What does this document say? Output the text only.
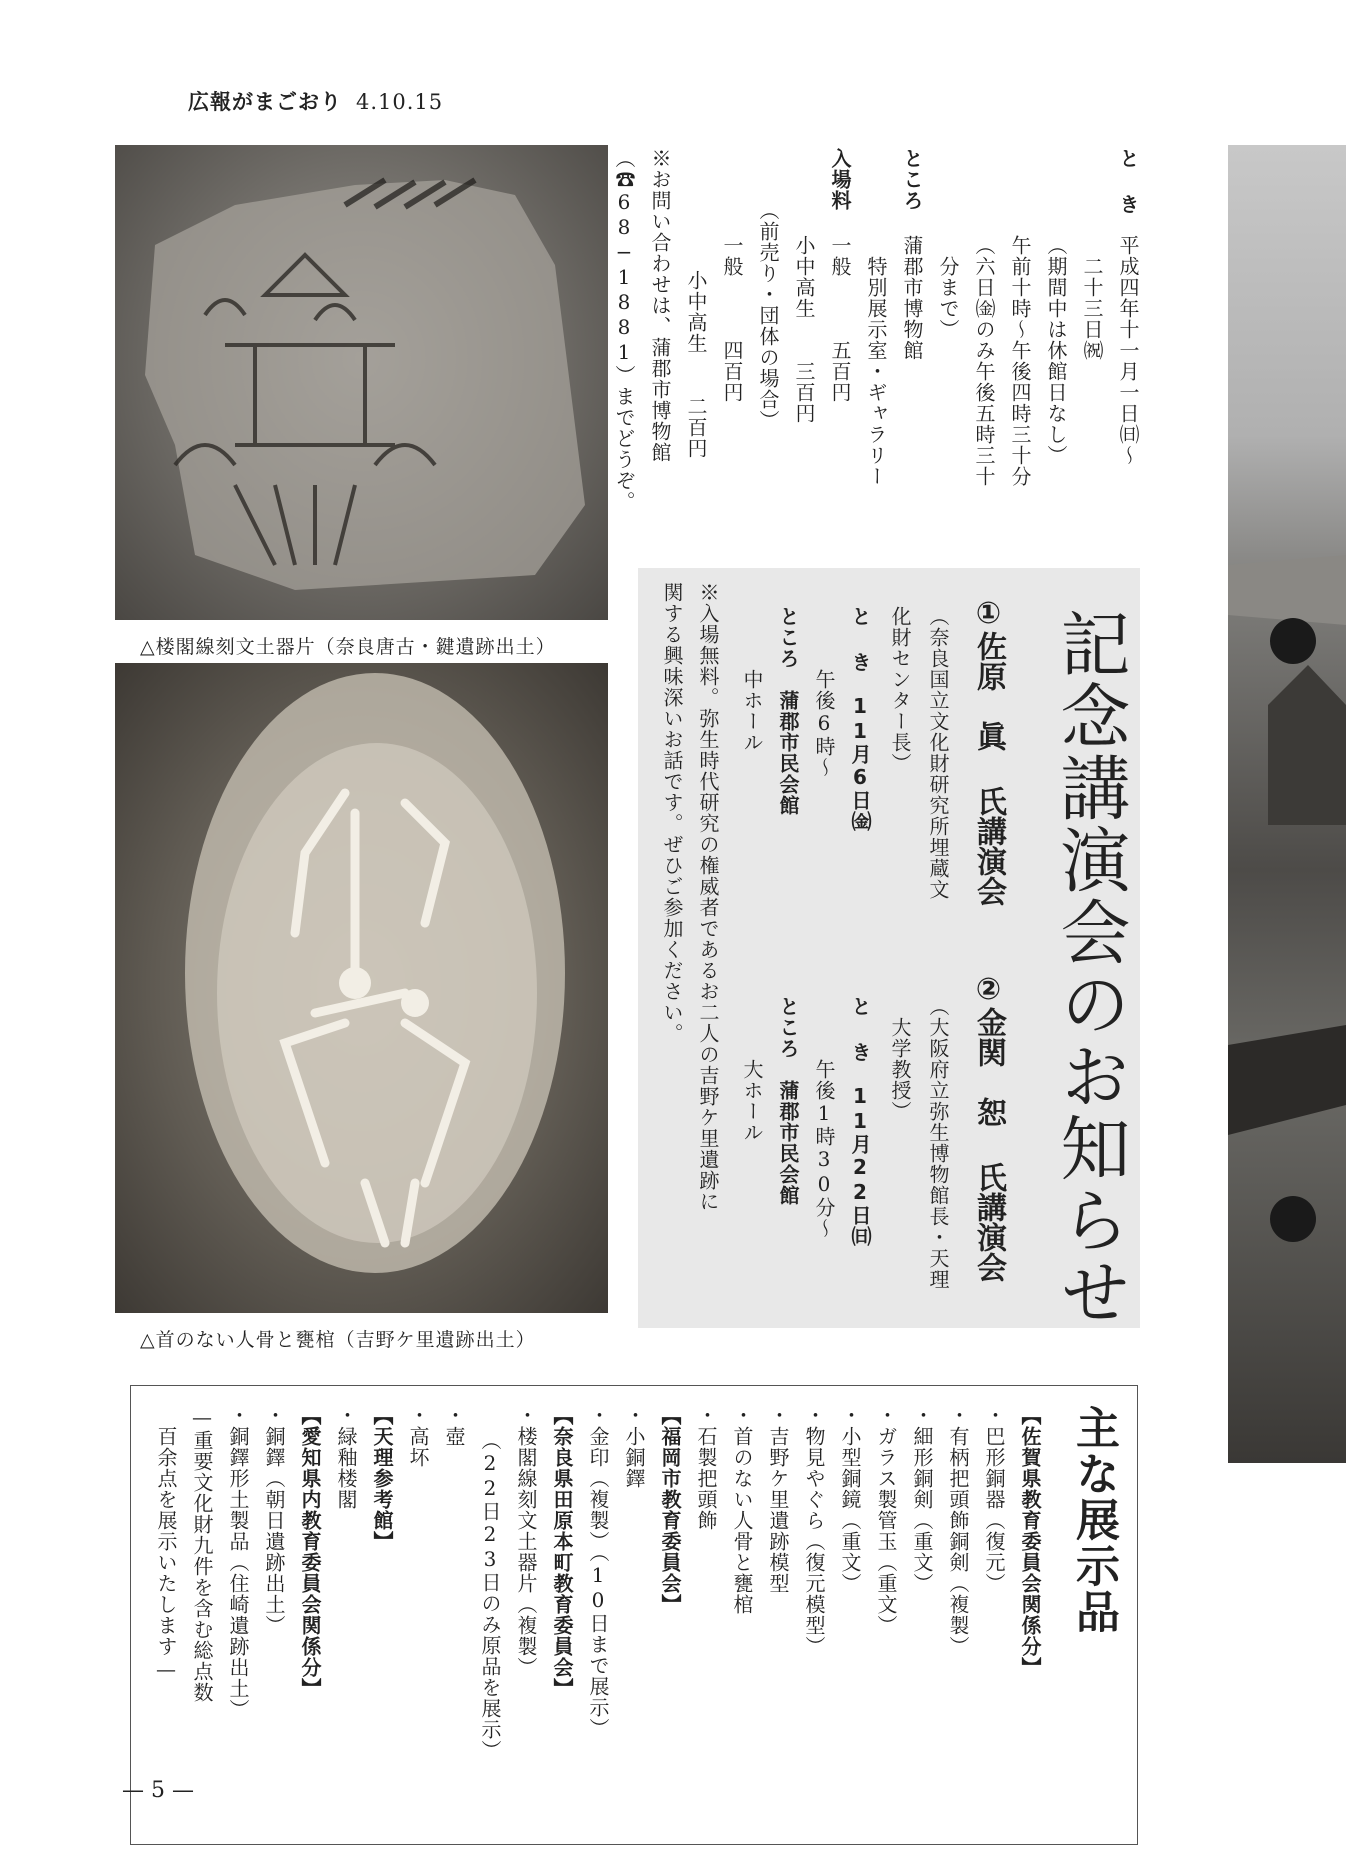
広報がまごおり 4.10.15
と き
平成四年十一月一日㈰〜
　二十三日㈷
（期間中は休館日なし）
午前十時〜午後四時三十分
（六日㈮のみ午後五時三十
　分まで）
ところ
蒲郡市博物館
　特別展示室・ギャラリー
入場料
一般　　　五百円
小中高生　　三百円
（前売り・団体の場合）
一般　　　四百円
小中高生　　二百円
※お問い合わせは、蒲郡市博物館
（☎68−1881）までどうぞ。
△楼閣線刻文土器片（奈良唐古・鍵遺跡出土）
△首のない人骨と甕棺（吉野ケ里遺跡出土）
記念講演会のお知らせ
①佐原　眞 氏講演会
（奈良国立文化財研究所埋蔵文
化財センター長）
と き　11月6日㈮
　　　午後6時〜
ところ　蒲郡市民会館
　　　中ホール
②金関　恕 氏講演会
（大阪府立弥生博物館長・天理
　大学教授）
と き　11月22日㈰
　　　午後1時30分〜
ところ　蒲郡市民会館
　　　大ホール
※入場無料。弥生時代研究の権威者であるお二人の吉野ケ里遺跡に
関する興味深いお話です。ぜひご参加ください。
主な展示品
【佐賀県教育委員会関係分】
・巴形銅器（復元）
・有柄把頭飾銅剣（複製）
・細形銅剣（重文）
・ガラス製管玉（重文）
・小型銅鏡（重文）
・物見やぐら（復元模型）
・吉野ケ里遺跡模型
・首のない人骨と甕棺
・石製把頭飾
【福岡市教育委員会】
・小銅鐸
・金印（複製）（10日まで展示）
【奈良県田原本町教育委員会】
・楼閣線刻文土器片（複製）
（22日23日のみ原品を展示）
・壺
・高坏
【天理参考館】
・緑釉楼閣
【愛知県内教育委員会関係分】
・銅鐸（朝日遺跡出土）
・銅鐸形土製品（住崎遺跡出土）
—重要文化財九件を含む総点数
　百余点を展示いたします—
— 5 —
